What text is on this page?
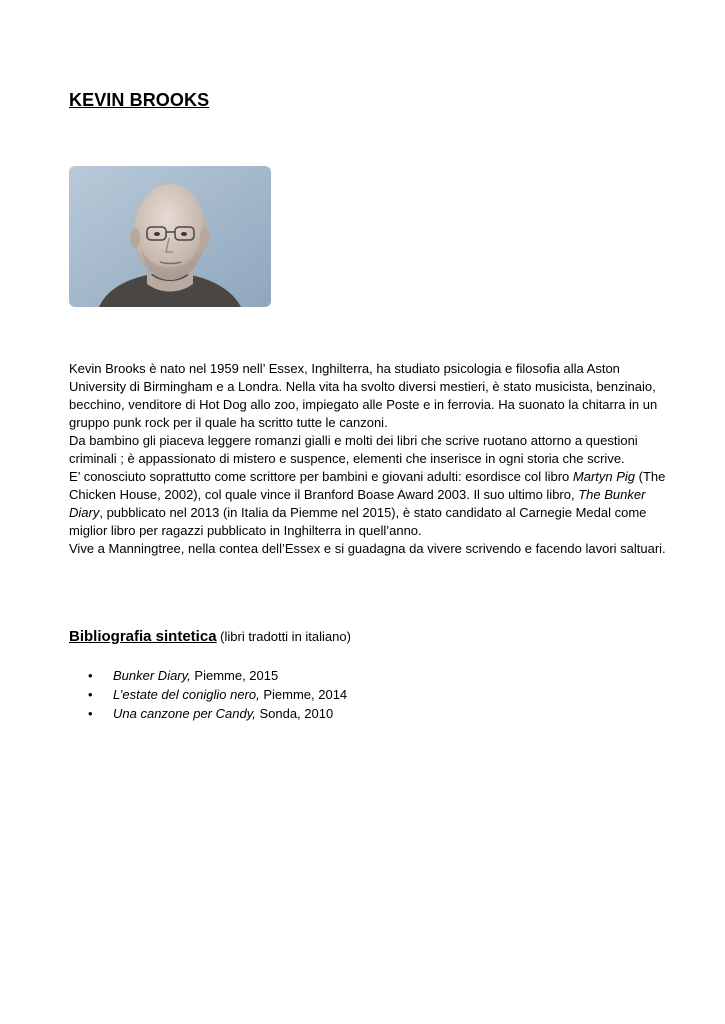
KEVIN BROOKS

Kevin Brooks è nato nel 1959 nell’ Essex, Inghilterra, ha studiato psicologia e filosofia alla Aston University di Birmingham e a Londra. Nella vita ha svolto diversi mestieri, è stato musicista, benzinaio, becchino, venditore di Hot Dog allo zoo, impiegato alle Poste e in ferrovia. Ha suonato la chitarra in un gruppo punk rock per il quale ha scritto tutte le canzoni.

Da bambino gli piaceva leggere romanzi gialli e molti dei libri che scrive ruotano attorno a questioni criminali ; è appassionato di mistero e suspence, elementi che inserisce in ogni storia che scrive.

E’ conosciuto soprattutto come scrittore per bambini e giovani adulti: esordisce col libro Martyn Pig (The Chicken House, 2002), col quale vince il Branford Boase Award 2003. Il suo ultimo libro, The Bunker Diary, pubblicato nel 2013 (in Italia da Piemme nel 2015), è stato candidato al Carnegie Medal come miglior libro per ragazzi pubblicato in Inghilterra in quell’anno.

Vive a Manningtree, nella contea dell’Essex e si guadagna da vivere scrivendo e facendo lavori saltuari.

Bibliografia sintetica (libri tradotti in italiano)
• Bunker Diary, Piemme, 2015
• L’estate del coniglio nero, Piemme, 2014
• Una canzone per Candy, Sonda, 2010
